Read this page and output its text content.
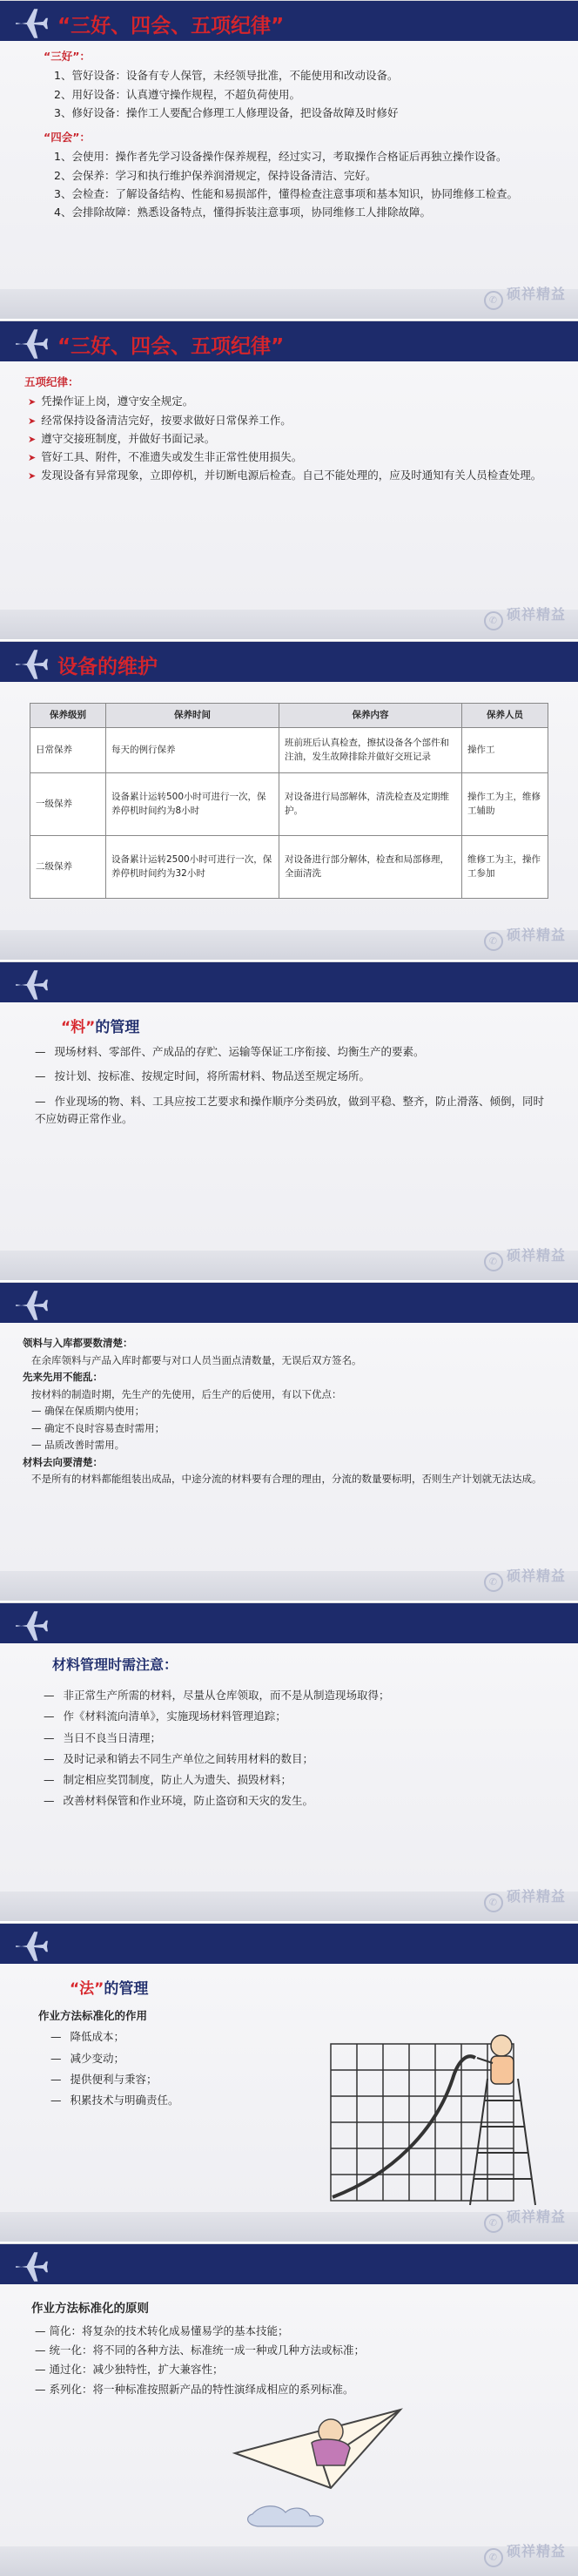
“三好、四会、五项纪律”
“三好”：
1、管好设备：设备有专人保管，未经领导批准，不能使用和改动设备。
2、用好设备：认真遵守操作规程，不超负荷使用。
3、修好设备：操作工人要配合修理工人修理设备，把设备故障及时修好
“四会”：
1、会使用：操作者先学习设备操作保养规程，经过实习，考取操作合格证后再独立操作设备。
2、会保养：学习和执行维护保养润滑规定，保持设备清洁、完好。
3、会检查：了解设备结构、性能和易损部件，懂得检查注意事项和基本知识，协同维修工检查。
4、会排除故障：熟悉设备特点，懂得拆装注意事项，协同维修工人排除故障。
✆ 硕祥精益
“三好、四会、五项纪律”
五项纪律：
➤ 凭操作证上岗，遵守安全规定。
➤ 经常保持设备清洁完好，按要求做好日常保养工作。
➤ 遵守交接班制度，并做好书面记录。
➤ 管好工具、附件，不准遗失或发生非正常性使用损失。
➤ 发现设备有异常现象，立即停机，并切断电源后检查。自己不能处理的，应及时通知有关人员检查处理。
✆ 硕祥精益
设备的维护
保养级别	保养时间	保养内容	保养人员
日常保养	每天的例行保养	班前班后认真检查，擦拭设备各个部件和注油，发生故障排除并做好交班记录	操作工
一级保养	设备累计运转500小时可进行一次，保养停机时间约为8小时	对设备进行局部解体，清洗检查及定期维护。	操作工为主，维修工辅助
二级保养	设备累计运转2500小时可进行一次，保养停机时间约为32小时	对设备进行部分解体，检查和局部修理，全面清洗	维修工为主，操作工参加
✆ 硕祥精益
“料”的管理
— 现场材料、零部件、产成品的存贮、运输等保证工序衔接、均衡生产的要素。
— 按计划、按标准、按规定时间，将所需材料、物品送至规定场所。
— 作业现场的物、料、工具应按工艺要求和操作顺序分类码放，做到平稳、整齐，防止滑落、倾倒，同时不应妨碍正常作业。
✆ 硕祥精益
领料与入库都要数清楚：
在余库领料与产品入库时都要与对口人员当面点清数量，无误后双方签名。
先来先用不能乱：
按材料的制造时期，先生产的先使用，后生产的后使用，有以下优点：
— 确保在保质期内使用；
— 确定不良时容易查时需用；
— 品质改善时需用。
材料去向要清楚：
不是所有的材料都能组装出成品，中途分流的材料要有合理的理由，分流的数量要标明，否则生产计划就无法达成。
✆ 硕祥精益
材料管理时需注意：
— 非正常生产所需的材料，尽量从仓库领取，而不是从制造现场取得；
— 作《材料流向清单》，实施现场材料管理追踪；
— 当日不良当日清理；
— 及时记录和销去不同生产单位之间转用材料的数目；
— 制定相应奖罚制度，防止人为遗失、损毁材料；
— 改善材料保管和作业环境，防止盗窃和天灾的发生。
✆ 硕祥精益
“法”的管理
作业方法标准化的作用
— 降低成本；
— 减少变动；
— 提供便利与秉容；
— 积累技术与明确责任。
✆ 硕祥精益
作业方法标准化的原则
— 简化：将复杂的技术转化成易懂易学的基本技能；
— 统一化：将不同的各种方法、标准统一成一种或几种方法或标准；
— 通过化：减少独特性，扩大兼容性；
— 系列化：将一种标准按照新产品的特性演绎成相应的系列标准。
✆ 硕祥精益
